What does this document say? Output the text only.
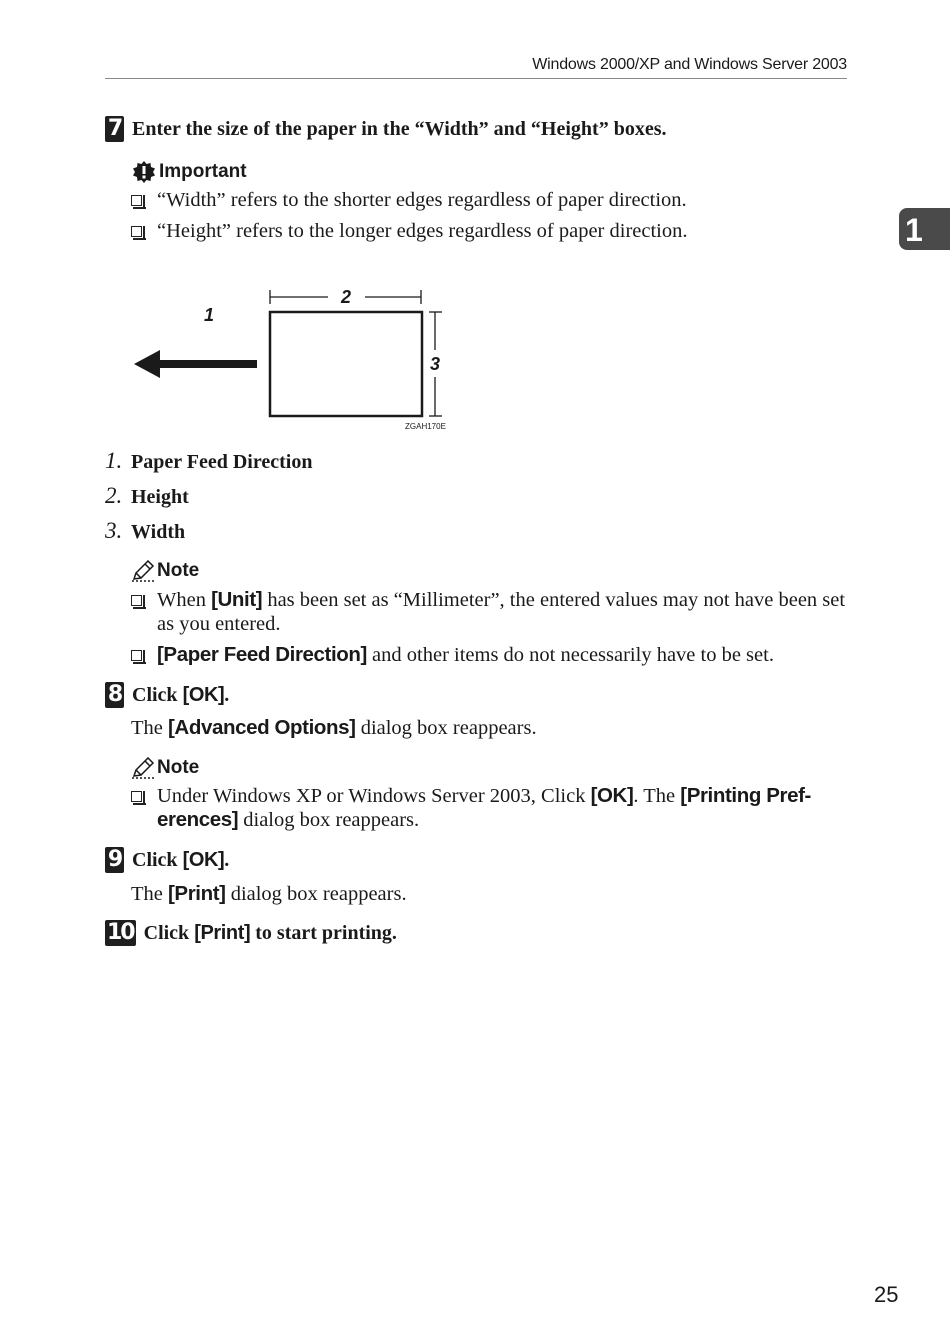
Windows 2000/XP and Windows Server 2003
1
7 Enter the size of the paper in the “Width” and “Height” boxes.
Important
“Width” refers to the shorter edges regardless of paper direction.
“Height” refers to the longer edges regardless of paper direction.
1
2
3
ZGAH170E
1. Paper Feed Direction
2. Height
3. Width
Note
When [Unit] has been set as “Millimeter”, the entered values may not have been set as you entered.
[Paper Feed Direction] and other items do not necessarily have to be set.
8 Click [OK].
The [Advanced Options] dialog box reappears.
Note
Under Windows XP or Windows Server 2003, Click [OK]. The [Printing Pref-
erences] dialog box reappears.
9 Click [OK].
The [Print] dialog box reappears.
10 Click [Print] to start printing.
25
